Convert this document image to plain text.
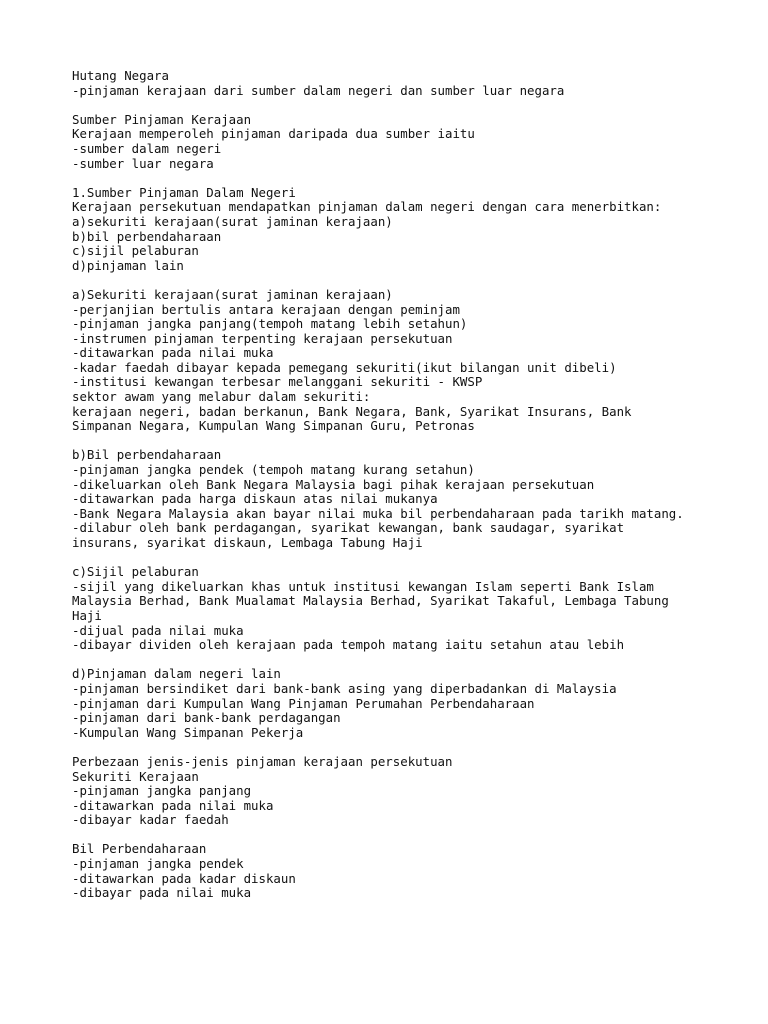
Hutang Negara
-pinjaman kerajaan dari sumber dalam negeri dan sumber luar negara
Sumber Pinjaman Kerajaan
Kerajaan memperoleh pinjaman daripada dua sumber iaitu
-sumber dalam negeri
-sumber luar negara
1.Sumber Pinjaman Dalam Negeri
Kerajaan persekutuan mendapatkan pinjaman dalam negeri dengan cara menerbitkan:
a)sekuriti kerajaan(surat jaminan kerajaan)
b)bil perbendaharaan
c)sijil pelaburan
d)pinjaman lain
a)Sekuriti kerajaan(surat jaminan kerajaan)
-perjanjian bertulis antara kerajaan dengan peminjam
-pinjaman jangka panjang(tempoh matang lebih setahun)
-instrumen pinjaman terpenting kerajaan persekutuan
-ditawarkan pada nilai muka
-kadar faedah dibayar kepada pemegang sekuriti(ikut bilangan unit dibeli)
-institusi kewangan terbesar melanggani sekuriti - KWSP
sektor awam yang melabur dalam sekuriti:
kerajaan negeri, badan berkanun, Bank Negara, Bank, Syarikat Insurans, Bank
Simpanan Negara, Kumpulan Wang Simpanan Guru, Petronas
b)Bil perbendaharaan
-pinjaman jangka pendek (tempoh matang kurang setahun)
-dikeluarkan oleh Bank Negara Malaysia bagi pihak kerajaan persekutuan
-ditawarkan pada harga diskaun atas nilai mukanya
-Bank Negara Malaysia akan bayar nilai muka bil perbendaharaan pada tarikh matang.
-dilabur oleh bank perdagangan, syarikat kewangan, bank saudagar, syarikat
insurans, syarikat diskaun, Lembaga Tabung Haji
c)Sijil pelaburan
-sijil yang dikeluarkan khas untuk institusi kewangan Islam seperti Bank Islam
Malaysia Berhad, Bank Mualamat Malaysia Berhad, Syarikat Takaful, Lembaga Tabung
Haji
-dijual pada nilai muka
-dibayar dividen oleh kerajaan pada tempoh matang iaitu setahun atau lebih
d)Pinjaman dalam negeri lain
-pinjaman bersindiket dari bank-bank asing yang diperbadankan di Malaysia
-pinjaman dari Kumpulan Wang Pinjaman Perumahan Perbendaharaan
-pinjaman dari bank-bank perdagangan
-Kumpulan Wang Simpanan Pekerja
Perbezaan jenis-jenis pinjaman kerajaan persekutuan
Sekuriti Kerajaan
-pinjaman jangka panjang
-ditawarkan pada nilai muka
-dibayar kadar faedah
Bil Perbendaharaan
-pinjaman jangka pendek
-ditawarkan pada kadar diskaun
-dibayar pada nilai muka
